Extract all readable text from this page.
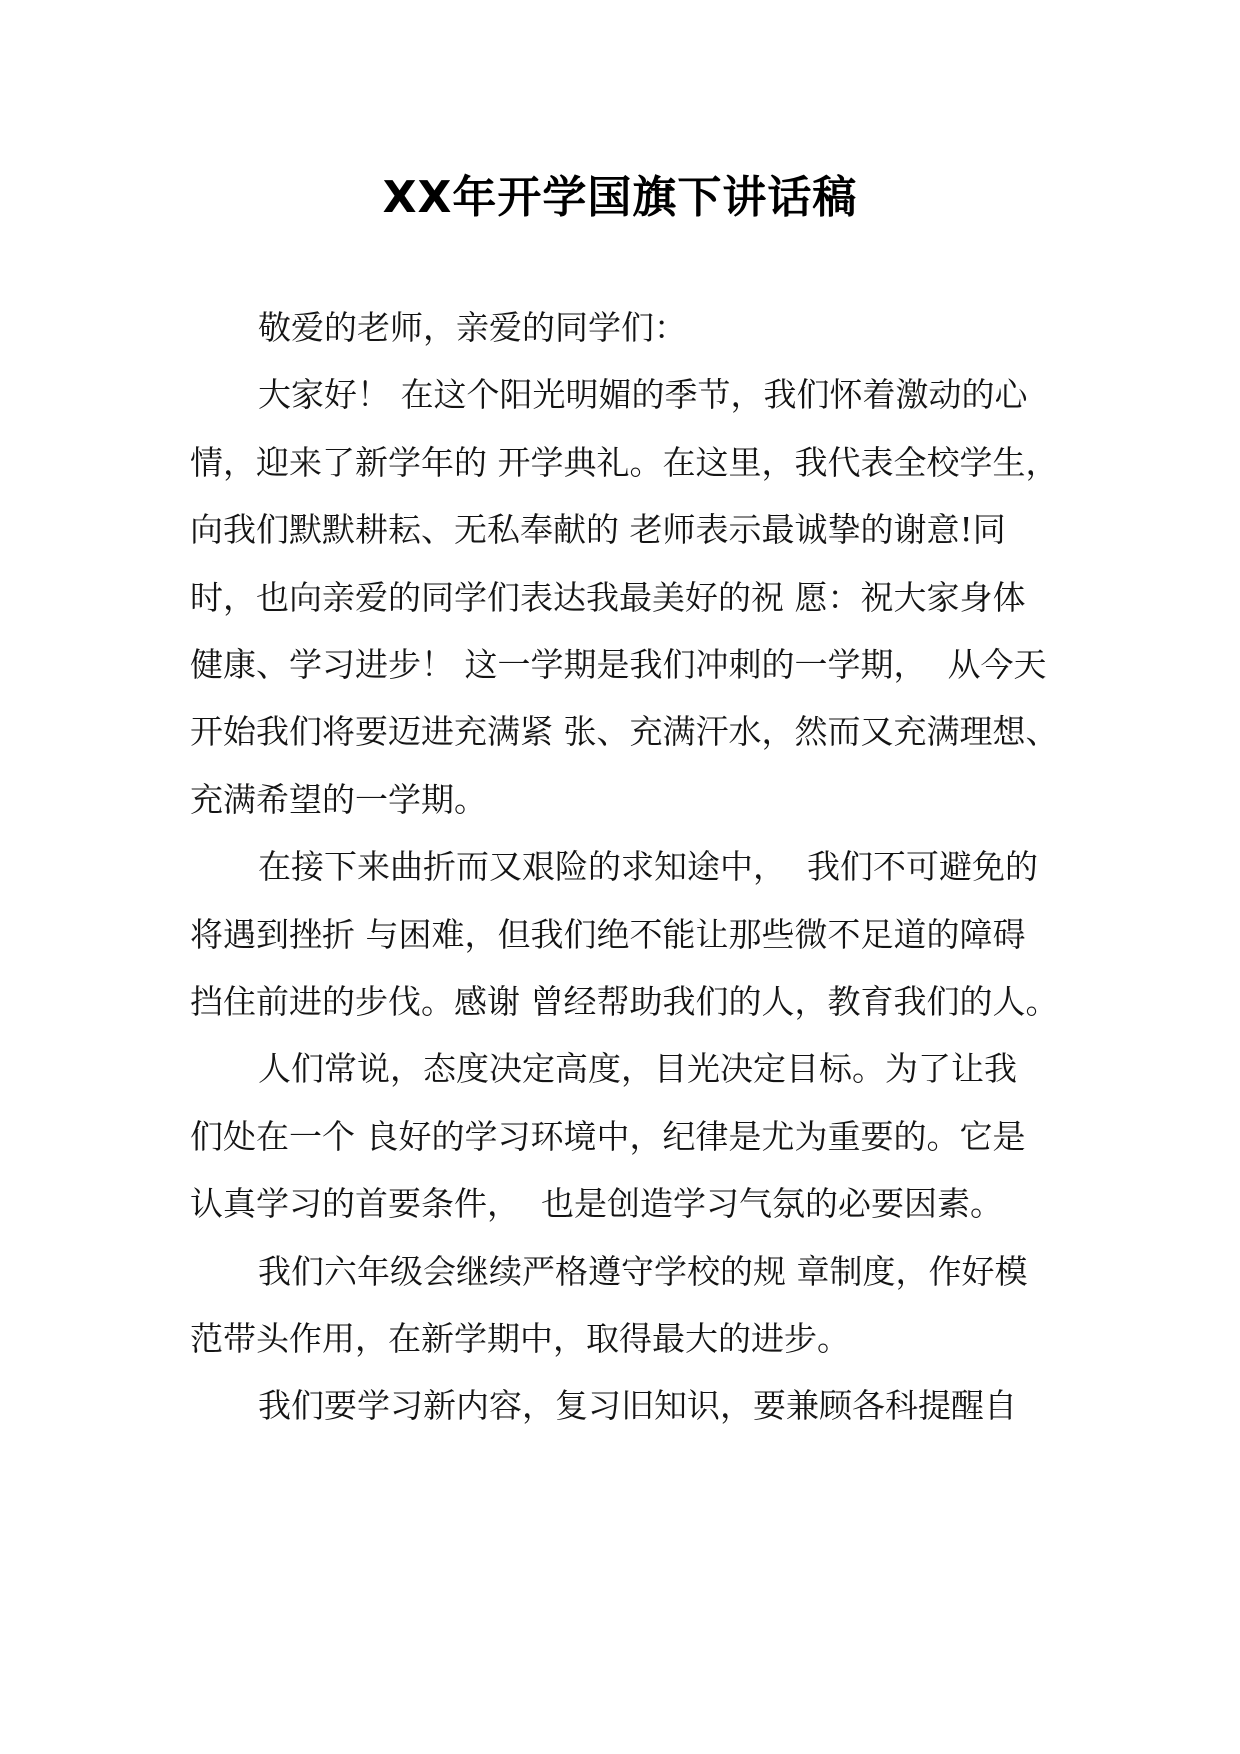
XX年开学国旗下讲话稿
敬爱的老师，亲爱的同学们：
大家好！ 在这个阳光明媚的季节，我们怀着激动的心
情，迎来了新学年的 开学典礼。在这里，我代表全校学生，
向我们默默耕耘、无私奉献的 老师表示最诚挚的谢意!同
时，也向亲爱的同学们表达我最美好的祝 愿：祝大家身体
健康、学习进步！ 这一学期是我们冲刺的一学期，  从今天
开始我们将要迈进充满紧 张、充满汗水，然而又充满理想、
充满希望的一学期。
在接下来曲折而又艰险的求知途中，  我们不可避免的
将遇到挫折 与困难，但我们绝不能让那些微不足道的障碍
挡住前进的步伐。感谢 曾经帮助我们的人，教育我们的人。
人们常说，态度决定高度，目光决定目标。为了让我
们处在一个 良好的学习环境中，纪律是尤为重要的。它是
认真学习的首要条件，  也是创造学习气氛的必要因素。
我们六年级会继续严格遵守学校的规 章制度，作好模
范带头作用，在新学期中，取得最大的进步。
我们要学习新内容，复习旧知识，要兼顾各科提醒自
